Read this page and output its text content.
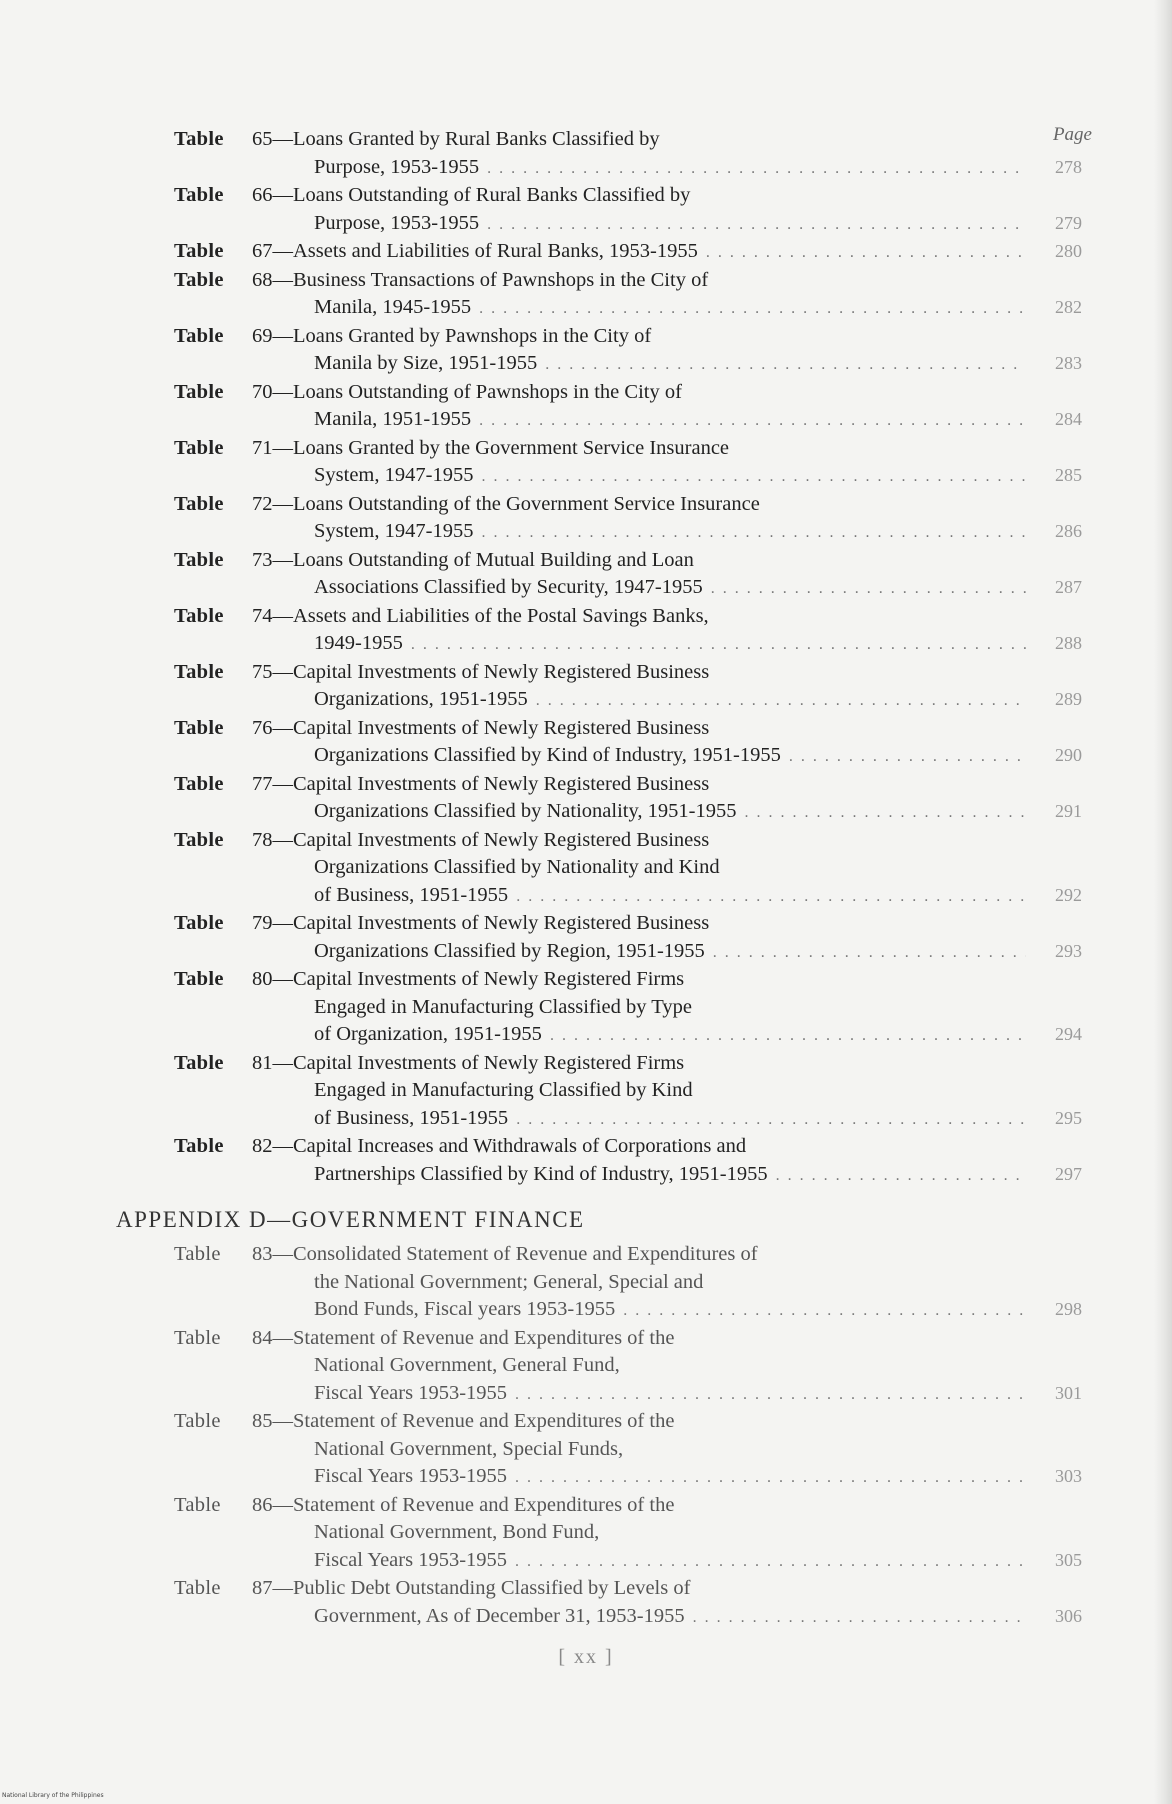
Page
Table 65—Loans Granted by Rural Banks Classified by
Purpose, 1953-1955 . . .	278
Table 66—Loans Outstanding of Rural Banks Classified by
Purpose, 1953-1955 . . .	279
Table 67—Assets and Liabilities of Rural Banks, 1953-1955 . . .	280
Table 68—Business Transactions of Pawnshops in the City of
Manila, 1945-1955 . . .	282
Table 69—Loans Granted by Pawnshops in the City of
Manila by Size, 1951-1955 . . .	283
Table 70—Loans Outstanding of Pawnshops in the City of
Manila, 1951-1955 . . .	284
Table 71—Loans Granted by the Government Service Insurance
System, 1947-1955 . . .	285
Table 72—Loans Outstanding of the Government Service Insurance
System, 1947-1955 . . .	286
Table 73—Loans Outstanding of Mutual Building and Loan
Associations Classified by Security, 1947-1955 . . .	287
Table 74—Assets and Liabilities of the Postal Savings Banks,
1949-1955 . . .	288
Table 75—Capital Investments of Newly Registered Business
Organizations, 1951-1955 . . .	289
Table 76—Capital Investments of Newly Registered Business
Organizations Classified by Kind of Industry, 1951-1955 . . .	290
Table 77—Capital Investments of Newly Registered Business
Organizations Classified by Nationality, 1951-1955 . . .	291
Table 78—Capital Investments of Newly Registered Business
Organizations Classified by Nationality and Kind
of Business, 1951-1955 . . .	292
Table 79—Capital Investments of Newly Registered Business
Organizations Classified by Region, 1951-1955 . . .	293
Table 80—Capital Investments of Newly Registered Firms
Engaged in Manufacturing Classified by Type
of Organization, 1951-1955 . . .	294
Table 81—Capital Investments of Newly Registered Firms
Engaged in Manufacturing Classified by Kind
of Business, 1951-1955 . . .	295
Table 82—Capital Increases and Withdrawals of Corporations and
Partnerships Classified by Kind of Industry, 1951-1955 . . .	297
APPENDIX D—GOVERNMENT FINANCE
Table 83—Consolidated Statement of Revenue and Expenditures of
the National Government; General, Special and
Bond Funds, Fiscal years 1953-1955 . . .	298
Table 84—Statement of Revenue and Expenditures of the
National Government, General Fund,
Fiscal Years 1953-1955 . . .	301
Table 85—Statement of Revenue and Expenditures of the
National Government, Special Funds,
Fiscal Years 1953-1955 . . .	303
Table 86—Statement of Revenue and Expenditures of the
National Government, Bond Fund,
Fiscal Years 1953-1955 . . .	305
Table 87—Public Debt Outstanding Classified by Levels of
Government, As of December 31, 1953-1955 . . .	306
[ xx ]
National Library of the Philippines
